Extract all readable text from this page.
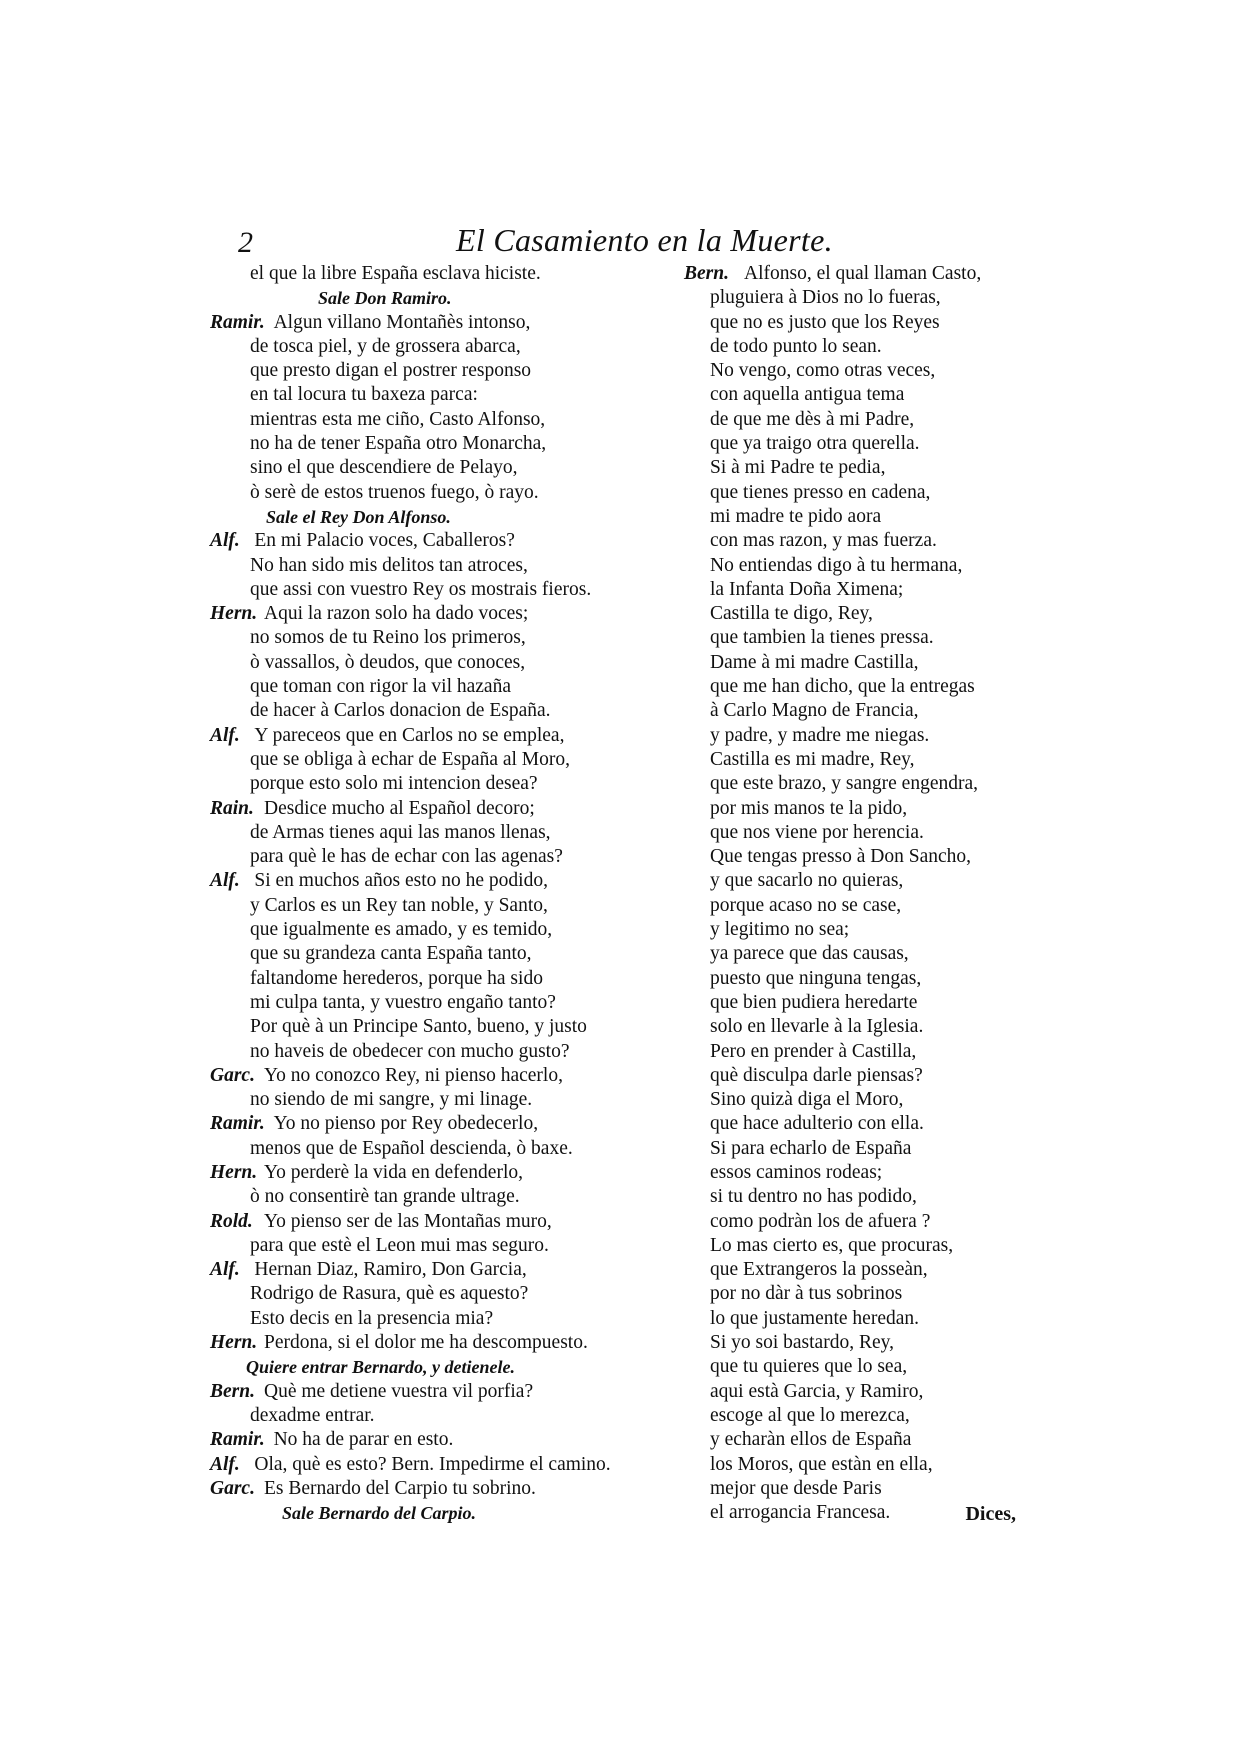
2	El Casamiento en la Muerte.
el que la libre España esclava hiciste.
Sale Don Ramiro.
Ramir. Algun villano Montañès intonso,
de tosca piel, y de grossera abarca,
que presto digan el postrer responso
en tal locura tu baxeza parca:
mientras esta me ciño, Casto Alfonso,
no ha de tener España otro Monarcha,
sino el que descendiere de Pelayo,
ò serè de estos truenos fuego, ò rayo.
Sale el Rey Don Alfonso.
Alf. En mi Palacio voces, Caballeros?
No han sido mis delitos tan atroces,
que assi con vuestro Rey os mostrais fieros.
Hern. Aqui la razon solo ha dado voces;
no somos de tu Reino los primeros,
ò vassallos, ò deudos, que conoces,
que toman con rigor la vil hazaña
de hacer à Carlos donacion de España.
Alf. Y pareceos que en Carlos no se emplea,
que se obliga à echar de España al Moro,
porque esto solo mi intencion desea?
Rain. Desdice mucho al Español decoro;
de Armas tienes aqui las manos llenas,
para què le has de echar con las agenas?
Alf. Si en muchos años esto no he podido,
y Carlos es un Rey tan noble, y Santo,
que igualmente es amado, y es temido,
que su grandeza canta España tanto,
faltandome herederos, porque ha sido
mi culpa tanta, y vuestro engaño tanto?
Por què à un Principe Santo, bueno, y justo
no haveis de obedecer con mucho gusto?
Garc. Yo no conozco Rey, ni pienso hacerlo,
no siendo de mi sangre, y mi linage.
Ramir. Yo no pienso por Rey obedecerlo,
menos que de Español descienda, ò baxe.
Hern. Yo perderè la vida en defenderlo,
ò no consentirè tan grande ultrage.
Rold. Yo pienso ser de las Montañas muro,
para que estè el Leon mui mas seguro.
Alf. Hernan Diaz, Ramiro, Don Garcia,
Rodrigo de Rasura, què es aquesto?
Esto decis en la presencia mia?
Hern. Perdona, si el dolor me ha descompuesto.
Quiere entrar Bernardo, y detienele.
Bern. Què me detiene vuestra vil porfia?
dexadme entrar.
Ramir. No ha de parar en esto.
Alf. Ola, què es esto? Bern. Impedirme el camino.
Garc. Es Bernardo del Carpio tu sobrino.
Sale Bernardo del Carpio.
Bern. Alfonso, el qual llaman Casto,
pluguiera à Dios no lo fueras,
que no es justo que los Reyes
de todo punto lo sean.
No vengo, como otras veces,
con aquella antigua tema
de que me dès à mi Padre,
que ya traigo otra querella.
Si à mi Padre te pedia,
que tienes presso en cadena,
mi madre te pido aora
con mas razon, y mas fuerza.
No entiendas digo à tu hermana,
la Infanta Doña Ximena;
Castilla te digo, Rey,
que tambien la tienes pressa.
Dame à mi madre Castilla,
que me han dicho, que la entregas
à Carlo Magno de Francia,
y padre, y madre me niegas.
Castilla es mi madre, Rey,
que este brazo, y sangre engendra,
por mis manos te la pido,
que nos viene por herencia.
Que tengas presso à Don Sancho,
y que sacarlo no quieras,
porque acaso no se case,
y legitimo no sea;
ya parece que das causas,
puesto que ninguna tengas,
que bien pudiera heredarte
solo en llevarle à la Iglesia.
Pero en prender à Castilla,
què disculpa darle piensas?
Sino quizà diga el Moro,
que hace adulterio con ella.
Si para echarlo de España
essos caminos rodeas;
si tu dentro no has podido,
como podràn los de afuera ?
Lo mas cierto es, que procuras,
que Extrangeros la posseàn,
por no dàr à tus sobrinos
lo que justamente heredan.
Si yo soi bastardo, Rey,
que tu quieres que lo sea,
aqui està Garcia, y Ramiro,
escoge al que lo merezca,
y echaràn ellos de España
los Moros, que estàn en ella,
mejor que desde Paris
el arrogancia Francesa.	Dices,
